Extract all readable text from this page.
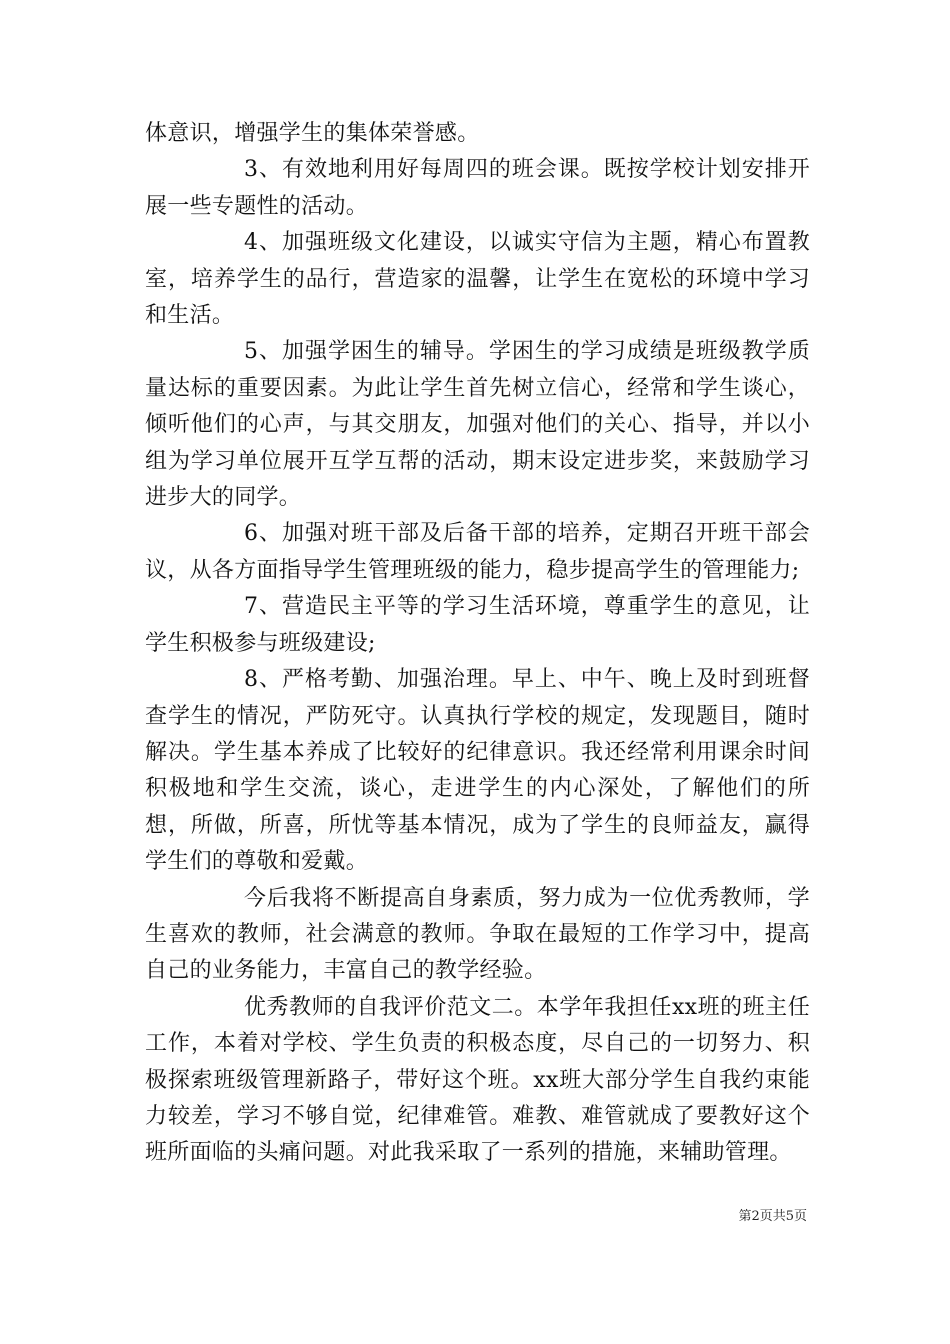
体意识，增强学生的集体荣誉感。

3、有效地利用好每周四的班会课。既按学校计划安排开展一些专题性的活动。

4、加强班级文化建设，以诚实守信为主题，精心布置教室，培养学生的品行，营造家的温馨，让学生在宽松的环境中学习和生活。

5、加强学困生的辅导。学困生的学习成绩是班级教学质量达标的重要因素。为此让学生首先树立信心，经常和学生谈心，倾听他们的心声，与其交朋友，加强对他们的关心、指导，并以小组为学习单位展开互学互帮的活动，期末设定进步奖，来鼓励学习进步大的同学。

6、加强对班干部及后备干部的培养，定期召开班干部会议，从各方面指导学生管理班级的能力，稳步提高学生的管理能力;

7、营造民主平等的学习生活环境，尊重学生的意见，让学生积极参与班级建设;

8、严格考勤、加强治理。早上、中午、晚上及时到班督查学生的情况，严防死守。认真执行学校的规定，发现题目，随时解决。学生基本养成了比较好的纪律意识。我还经常利用课余时间积极地和学生交流，谈心，走进学生的内心深处，了解他们的所想，所做，所喜，所忧等基本情况，成为了学生的良师益友，赢得学生们的尊敬和爱戴。

今后我将不断提高自身素质，努力成为一位优秀教师，学生喜欢的教师，社会满意的教师。争取在最短的工作学习中，提高自己的业务能力，丰富自己的教学经验。

优秀教师的自我评价范文二。本学年我担任xx班的班主任工作，本着对学校、学生负责的积极态度，尽自己的一切努力、积极探索班级管理新路子，带好这个班。xx班大部分学生自我约束能力较差，学习不够自觉，纪律难管。难教、难管就成了要教好这个班所面临的头痛问题。对此我采取了一系列的措施，来辅助管理。

第2页共5页
